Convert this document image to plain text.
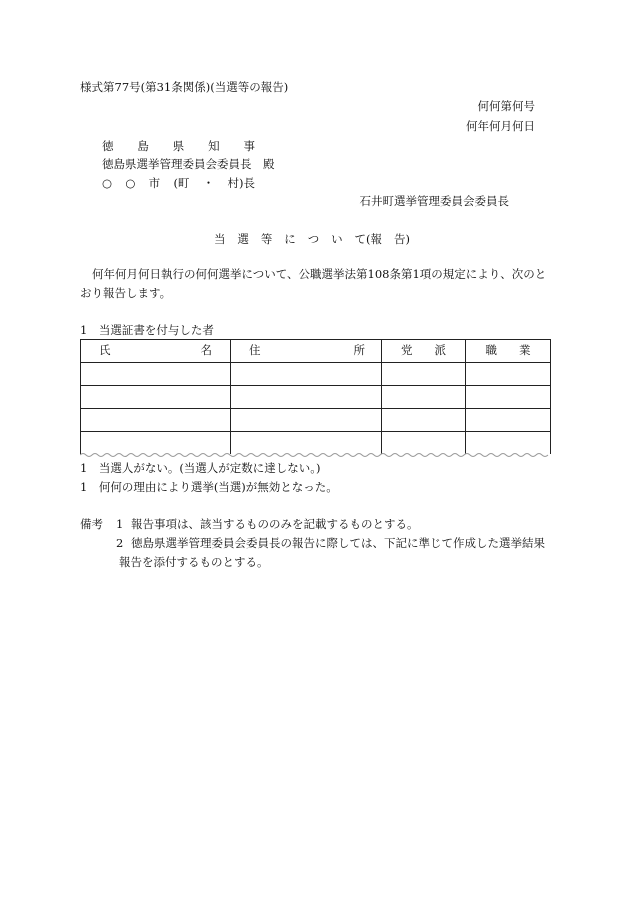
様式第77号(第31条関係)(当選等の報告)
何何第何号
何年何月何日
徳 島 県 知 事
徳島県選挙管理委員会委員長　殿
○ ○ 市 (町 ・ 村)長
石井町選挙管理委員会委員長
当 選 等 に つ い て(報 告)
何年何月何日執行の何何選挙について、公職選挙法第108条第1項の規定により、次のと
おり報告します。
1　当選証書を付与した者
氏 名	住 所	党 派	職 業

1　当選人がない。(当選人が定数に達しない。)
1　何何の理由により選挙(当選)が無効となった。
備考 1 報告事項は、該当するもののみを記載するものとする。
2 徳島県選挙管理委員会委員長の報告に際しては、下記に準じて作成した選挙結果
報告を添付するものとする。
